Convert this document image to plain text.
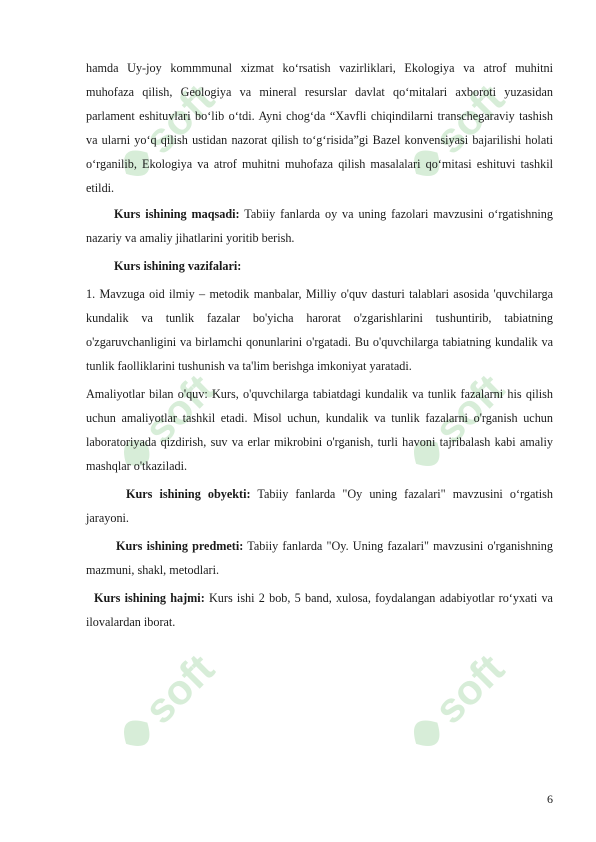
soft	soft
soft	soft
soft	soft

hamda Uy-joy kommmunal xizmat ko‘rsatish vazirliklari, Ekologiya va atrof muhitni muhofaza qilish, Geologiya va mineral resurslar davlat qo‘mitalari axboroti yuzasidan parlament eshituvlari bo‘lib o‘tdi. Ayni chog‘da “Xavfli chiqindilarni transchegaraviy tashish va ularni yo‘q qilish ustidan nazorat qilish to‘g‘risida”gi Bazel konvensiyasi bajarilishi holati o‘rganilib, Ekologiya va atrof muhitni muhofaza qilish masalalari qo‘mitasi eshituvi tashkil etildi.

Kurs ishining maqsadi: Tabiiy fanlarda oy va uning fazolari mavzusini o‘rgatishning nazariy va amaliy jihatlarini yoritib berish.

Kurs ishining vazifalari:

1. Mavzuga oid ilmiy – metodik manbalar, Milliy o'quv dasturi talablari asosida 'quvchilarga kundalik va tunlik fazalar bo'yicha harorat o'zgarishlarini tushuntirib, tabiatning o'zgaruvchanligini va birlamchi qonunlarini o'rgatadi. Bu o'quvchilarga tabiatning kundalik va tunlik faolliklarini tushunish va ta'lim berishga imkoniyat yaratadi.

Amaliyotlar bilan o'quv: Kurs, o'quvchilarga tabiatdagi kundalik va tunlik fazalarni his qilish uchun amaliyotlar tashkil etadi. Misol uchun, kundalik va tunlik fazalarni o'rganish uchun laboratoriyada qizdirish, suv va erlar mikrobini o'rganish, turli havoni tajribalash kabi amaliy mashqlar o'tkaziladi.

Kurs ishining obyekti: Tabiiy fanlarda "Oy uning fazalari" mavzusini o‘rgatish jarayoni.

Kurs ishining predmeti: Tabiiy fanlarda "Oy. Uning fazalari" mavzusini o'rganishning mazmuni, shakl, metodlari.

Kurs ishining hajmi: Kurs ishi 2 bob, 5 band, xulosa, foydalangan adabiyotlar ro‘yxati va ilovalardan iborat.

6
